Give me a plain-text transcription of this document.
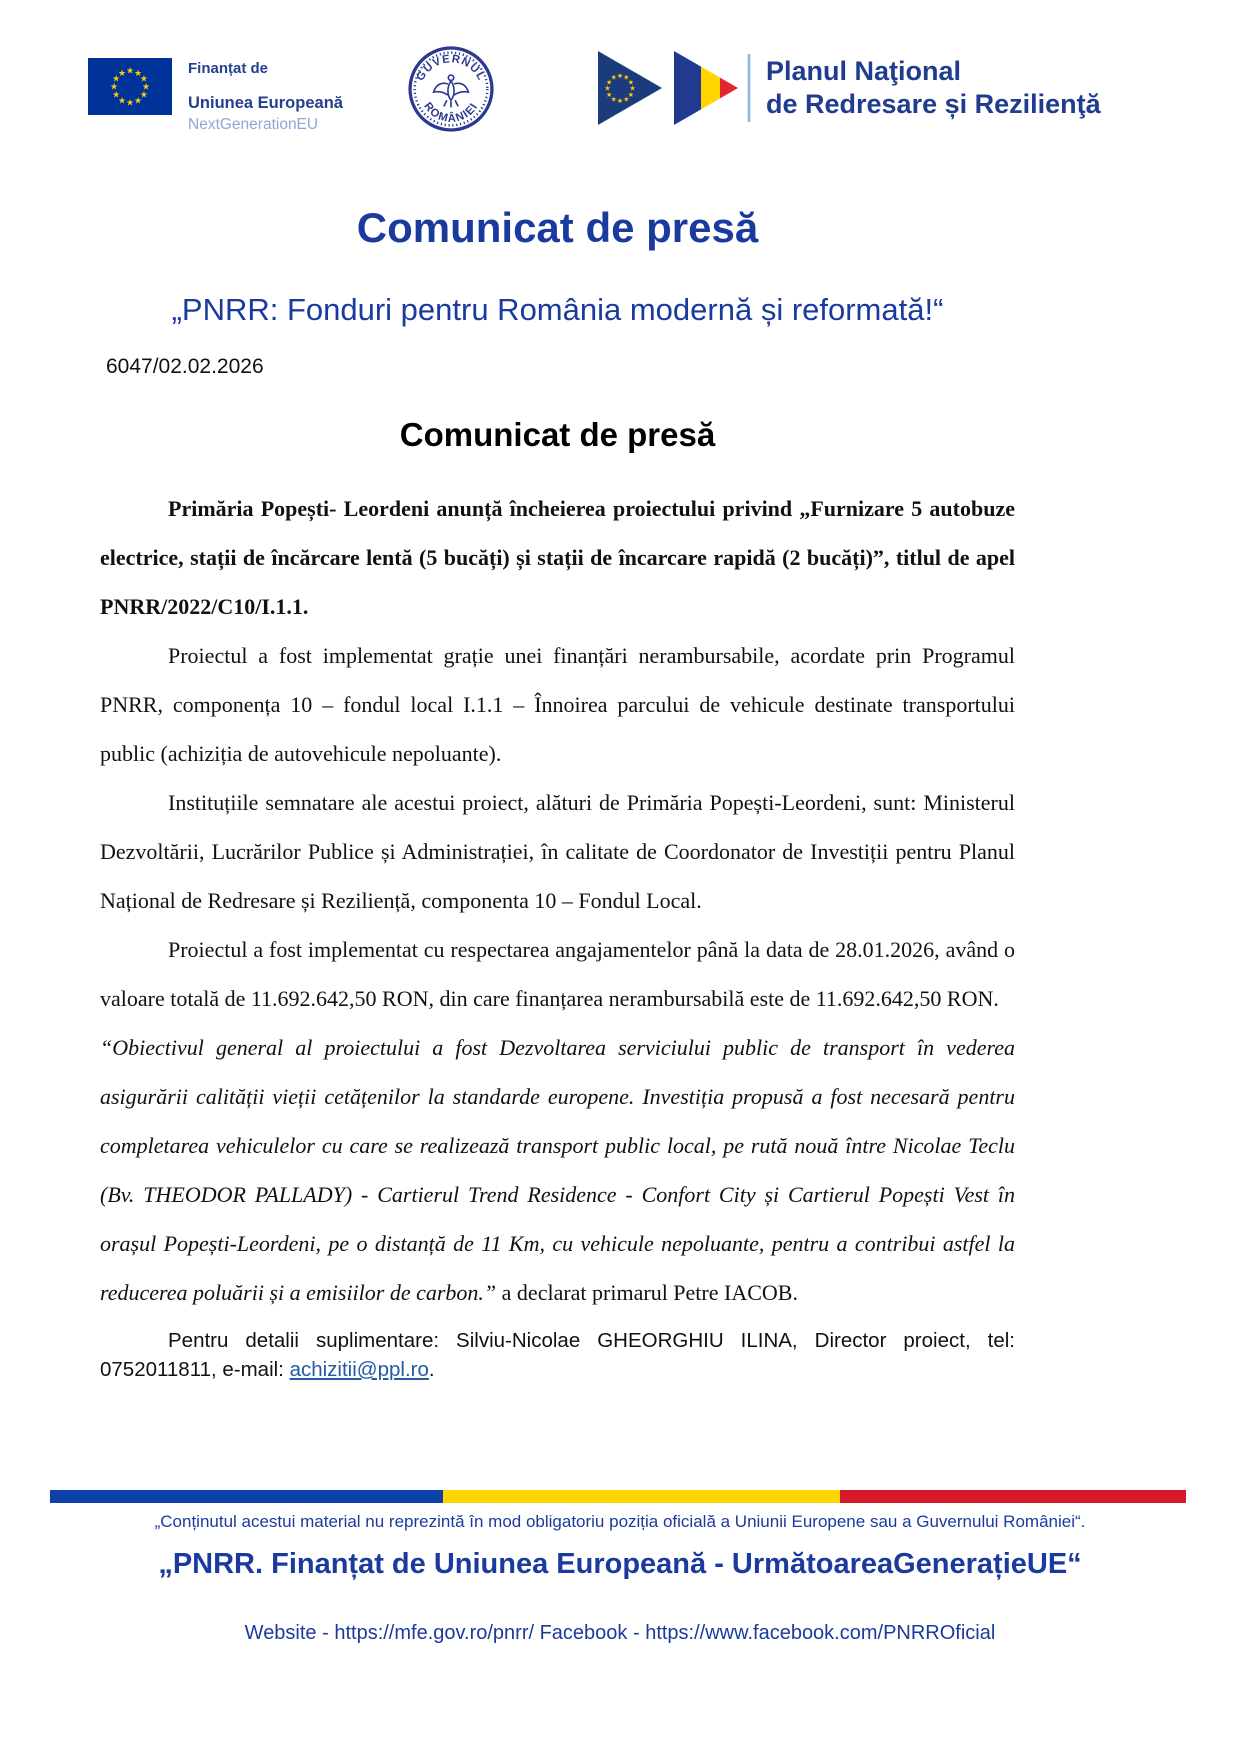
★ ★
★
★
★
★
★
★
★
★
★
★	Finanțat de
Uniunea Europeană
NextGenerationEU
GUVERNUL
ROMÂNIEI
★ ★
★
★
★
★
★
★
★
★
★
★	Planul Naţional
de Redresare și Rezilienţă
Comunicat de presă
„PNRR: Fonduri pentru România modernă și reformată!“
6047/02.02.2026
Comunicat de presă

Primăria Popești- Leordeni anunță încheierea proiectului privind „Furnizare 5 autobuze electrice, stații de încărcare lentă (5 bucăți) și stații de încarcare rapidă (2 bucăți)”, titlul de apel PNRR/2022/C10/I.1.1.

Proiectul a fost implementat grație unei finanțări nerambursabile, acordate prin Programul PNRR, componența 10 – fondul local I.1.1 – Înnoirea parcului de vehicule destinate transportului public (achiziția de autovehicule nepoluante).

Instituțiile semnatare ale acestui proiect, alături de Primăria Popești-Leordeni, sunt: Ministerul Dezvoltării, Lucrărilor Publice și Administrației, în calitate de Coordonator de Investiții pentru Planul Național de Redresare și Reziliență, componenta 10 – Fondul Local.

Proiectul a fost implementat cu respectarea angajamentelor până la data de 28.01.2026, având o valoare totală de 11.692.642,50 RON, din care finanțarea nerambursabilă este de 11.692.642,50 RON.

“Obiectivul general al proiectului a fost Dezvoltarea serviciului public de transport în vederea asigurării calității vieții cetățenilor la standarde europene. Investiția propusă a fost necesară pentru completarea vehiculelor cu care se realizează transport public local, pe rută nouă între Nicolae Teclu (Bv. THEODOR PALLADY) - Cartierul Trend Residence - Confort City și Cartierul Popești Vest în orașul Popești-Leordeni, pe o distanță de 11 Km, cu vehicule nepoluante, pentru a contribui astfel la reducerea poluării și a emisiilor de carbon.” a declarat primarul Petre IACOB.

Pentru detalii suplimentare: Silviu-Nicolae GHEORGHIU ILINA, Director proiect, tel: 0752011811, e-mail: achizitii@ppl.ro.

„Conținutul acestui material nu reprezintă în mod obligatoriu poziția oficială a Uniunii Europene sau a Guvernului României“.
„PNRR. Finanțat de Uniunea Europeană - UrmătoareaGenerațieUE“
Website - https://mfe.gov.ro/pnrr/ Facebook - https://www.facebook.com/PNRROficial
